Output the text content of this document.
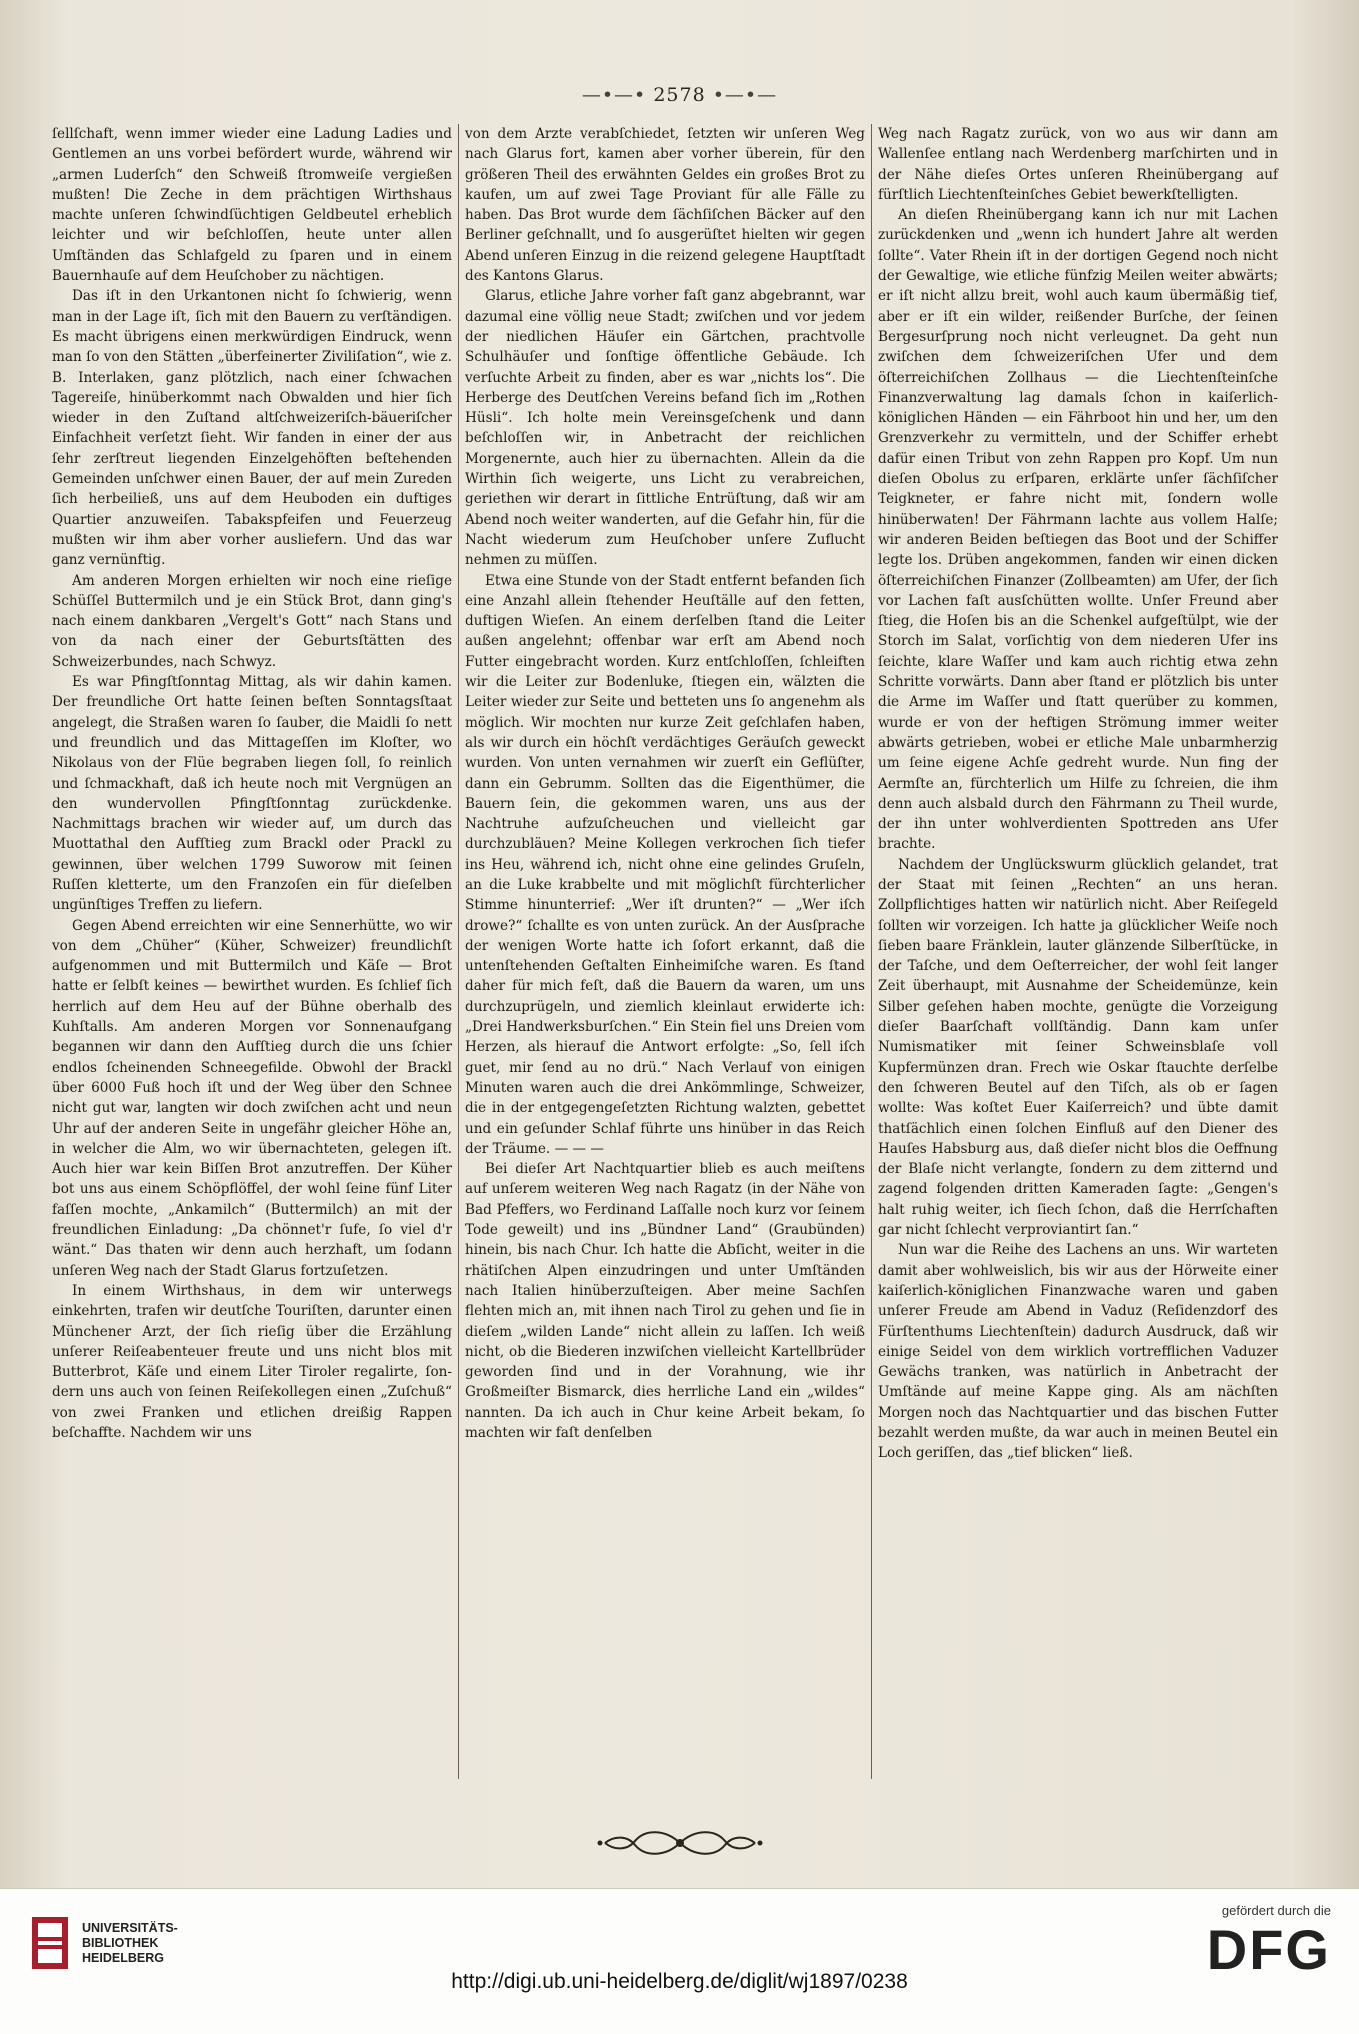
—•—• 2578 •—•—

ſellſchaft, wenn immer wieder eine Ladung Ladies und Gentlemen an uns vorbei befördert wurde, während wir „armen Luderſch“ den Schweiß ſtromweiſe vergießen mußten! Die Zeche in dem prächtigen Wirthshaus machte unſeren ſchwindſüchtigen Geldbeutel erheblich leichter und wir beſchloſſen, heute unter allen Umſtänden das Schlafgeld zu ſparen und in einem Bauernhauſe auf dem Heuſchober zu nächtigen.

Das iſt in den Urkantonen nicht ſo ſchwierig, wenn man in der Lage iſt, ſich mit den Bauern zu verſtändigen. Es macht übrigens einen merkwürdigen Eindruck, wenn man ſo von den Stätten „überfeinerter Ziviliſation“, wie z. B. Interlaken, ganz plötzlich, nach einer ſchwachen Tagereiſe, hinüberkommt nach Obwalden und hier ſich wieder in den Zuſtand altſchweizeriſch-bäueriſcher Einfachheit verſetzt ſieht. Wir fanden in einer der aus ſehr zerſtreut liegenden Einzelgehöften beſtehenden Gemeinden unſchwer einen Bauer, der auf mein Zureden ſich herbeiließ, uns auf dem Heuboden ein duftiges Quartier anzuweiſen. Tabakspfeifen und Feuerzeug mußten wir ihm aber vorher ausliefern. Und das war ganz vernünftig.

Am anderen Morgen erhielten wir noch eine rieſige Schüſſel Buttermilch und je ein Stück Brot, dann ging's nach einem dankbaren „Vergelt's Gott“ nach Stans und von da nach einer der Geburtsſtätten des Schweizerbundes, nach Schwyz.

Es war Pfingſtſonntag Mittag, als wir dahin kamen. Der freundliche Ort hatte ſeinen beſten Sonntagsſtaat angelegt, die Straßen waren ſo ſauber, die Maidli ſo nett und freundlich und das Mittageſſen im Kloſter, wo Nikolaus von der Flüe begraben liegen ſoll, ſo reinlich und ſchmackhaft, daß ich heute noch mit Vergnügen an den wundervollen Pfingſtſonntag zurückdenke. Nachmittags brachen wir wieder auf, um durch das Muottathal den Aufſtieg zum Brackl oder Prackl zu gewinnen, über welchen 1799 Suworow mit ſeinen Ruſſen kletterte, um den Franzoſen ein für dieſelben ungünſtiges Treffen zu liefern.

Gegen Abend erreichten wir eine Sennerhütte, wo wir von dem „Chüher“ (Küher, Schweizer) freundlichſt aufgenommen und mit Buttermilch und Käſe — Brot hatte er ſelbſt keines — bewirthet wurden. Es ſchlief ſich herrlich auf dem Heu auf der Bühne oberhalb des Kuhſtalls. Am anderen Morgen vor Sonnenaufgang begannen wir dann den Aufſtieg durch die uns ſchier endlos ſcheinenden Schneegefilde. Obwohl der Brackl über 6000 Fuß hoch iſt und der Weg über den Schnee nicht gut war, langten wir doch zwiſchen acht und neun Uhr auf der anderen Seite in ungefähr gleicher Höhe an, in welcher die Alm, wo wir übernachteten, gelegen iſt. Auch hier war kein Biſſen Brot anzutreffen. Der Küher bot uns aus einem Schöpflöffel, der wohl ſeine fünf Liter faſſen mochte, „Ankamilch“ (Buttermilch) an mit der freundlichen Einladung: „Da chönnet'r ſufe, ſo viel d'r wänt.“ Das thaten wir denn auch herzhaft, um ſodann unſeren Weg nach der Stadt Glarus fortzuſetzen.

In einem Wirthshaus, in dem wir unterwegs einkehrten, trafen wir deutſche Touriſten, darunter einen Münchener Arzt, der ſich rieſig über die Erzählung unſerer Reiſeabenteuer freute und uns nicht blos mit Butterbrot, Käſe und einem Liter Tiroler regalirte, ſondern uns auch von ſeinen Reiſekollegen einen „Zuſchuß“ von zwei Franken und etlichen dreißig Rappen beſchaffte. Nachdem wir uns

von dem Arzte verabſchiedet, ſetzten wir unſeren Weg nach Glarus fort, kamen aber vorher überein, für den größeren Theil des erwähnten Geldes ein großes Brot zu kaufen, um auf zwei Tage Proviant für alle Fälle zu haben. Das Brot wurde dem ſächſiſchen Bäcker auf den Berliner geſchnallt, und ſo ausgerüſtet hielten wir gegen Abend unſeren Einzug in die reizend gelegene Hauptſtadt des Kantons Glarus.

Glarus, etliche Jahre vorher faſt ganz abgebrannt, war dazumal eine völlig neue Stadt; zwiſchen und vor jedem der niedlichen Häuſer ein Gärtchen, prachtvolle Schulhäuſer und ſonſtige öffentliche Gebäude. Ich verſuchte Arbeit zu finden, aber es war „nichts los“. Die Herberge des Deutſchen Vereins befand ſich im „Rothen Hüsli“. Ich holte mein Vereinsgeſchenk und dann beſchloſſen wir, in Anbetracht der reichlichen Morgenernte, auch hier zu übernachten. Allein da die Wirthin ſich weigerte, uns Licht zu verabreichen, geriethen wir derart in ſittliche Entrüſtung, daß wir am Abend noch weiter wanderten, auf die Gefahr hin, für die Nacht wiederum zum Heuſchober unſere Zuflucht nehmen zu müſſen.

Etwa eine Stunde von der Stadt entfernt befanden ſich eine Anzahl allein ſtehender Heuſtälle auf den fetten, duftigen Wieſen. An einem derſelben ſtand die Leiter außen angelehnt; offenbar war erſt am Abend noch Futter eingebracht worden. Kurz entſchloſſen, ſchleiften wir die Leiter zur Bodenluke, ſtiegen ein, wälzten die Leiter wieder zur Seite und betteten uns ſo angenehm als möglich. Wir mochten nur kurze Zeit geſchlafen haben, als wir durch ein höchſt verdächtiges Geräuſch geweckt wurden. Von unten vernahmen wir zuerſt ein Geflüſter, dann ein Gebrumm. Sollten das die Eigenthümer, die Bauern ſein, die gekommen waren, uns aus der Nachtruhe aufzuſcheuchen und vielleicht gar durchzubläuen? Meine Kollegen verkrochen ſich tiefer ins Heu, während ich, nicht ohne eine gelindes Gruſeln, an die Luke krabbelte und mit möglichſt fürchterlicher Stimme hinunterrief: „Wer iſt drunten?“ — „Wer iſch drowe?“ ſchallte es von unten zurück. An der Ausſprache der wenigen Worte hatte ich ſofort erkannt, daß die untenſtehenden Geſtalten Einheimiſche waren. Es ſtand daher für mich feſt, daß die Bauern da waren, um uns durchzuprügeln, und ziemlich kleinlaut erwiderte ich: „Drei Handwerksburſchen.“ Ein Stein fiel uns Dreien vom Herzen, als hierauf die Antwort erfolgte: „So, ſell iſch guet, mir ſend au no drü.“ Nach Verlauf von einigen Minuten waren auch die drei Ankömmlinge, Schweizer, die in der entgegengeſetzten Richtung walzten, gebettet und ein geſunder Schlaf führte uns hinüber in das Reich der Träume. — — —

Bei dieſer Art Nachtquartier blieb es auch meiſtens auf unſerem weiteren Weg nach Ragatz (in der Nähe von Bad Pfeffers, wo Ferdinand Laſſalle noch kurz vor ſeinem Tode geweilt) und ins „Bündner Land“ (Graubünden) hinein, bis nach Chur. Ich hatte die Abſicht, weiter in die rhätiſchen Alpen einzudringen und unter Umſtänden nach Italien hinüberzuſteigen. Aber meine Sachſen flehten mich an, mit ihnen nach Tirol zu gehen und ſie in dieſem „wilden Lande“ nicht allein zu laſſen. Ich weiß nicht, ob die Biederen inzwiſchen vielleicht Kartellbrüder geworden ſind und in der Vorahnung, wie ihr Großmeiſter Bismarck, dies herrliche Land ein „wildes“ nannten. Da ich auch in Chur keine Arbeit bekam, ſo machten wir faſt denſelben

Weg nach Ragatz zurück, von wo aus wir dann am Wallenſee entlang nach Werdenberg marſchirten und in der Nähe dieſes Ortes unſeren Rheinübergang auf fürſtlich Liechtenſteinſches Gebiet bewerkſtelligten.

An dieſen Rheinübergang kann ich nur mit Lachen zurückdenken und „wenn ich hundert Jahre alt werden ſollte“. Vater Rhein iſt in der dortigen Gegend noch nicht der Gewaltige, wie etliche fünfzig Meilen weiter abwärts; er iſt nicht allzu breit, wohl auch kaum übermäßig tief, aber er iſt ein wilder, reißender Burſche, der ſeinen Bergesurſprung noch nicht verleugnet. Da geht nun zwiſchen dem ſchweizeriſchen Ufer und dem öſterreichiſchen Zollhaus — die Liechtenſteinſche Finanzverwaltung lag damals ſchon in kaiſerlich-königlichen Händen — ein Fährboot hin und her, um den Grenzverkehr zu vermitteln, und der Schiffer erhebt dafür einen Tribut von zehn Rappen pro Kopf. Um nun dieſen Obolus zu erſparen, erklärte unſer ſächſiſcher Teigkneter, er fahre nicht mit, ſondern wolle hinüberwaten! Der Fährmann lachte aus vollem Halſe; wir anderen Beiden beſtiegen das Boot und der Schiffer legte los. Drüben angekommen, fanden wir einen dicken öſterreichiſchen Finanzer (Zollbeamten) am Ufer, der ſich vor Lachen faſt ausſchütten wollte. Unſer Freund aber ſtieg, die Hoſen bis an die Schenkel aufgeſtülpt, wie der Storch im Salat, vorſichtig von dem niederen Ufer ins ſeichte, klare Waſſer und kam auch richtig etwa zehn Schritte vorwärts. Dann aber ſtand er plötzlich bis unter die Arme im Waſſer und ſtatt querüber zu kommen, wurde er von der heftigen Strömung immer weiter abwärts getrieben, wobei er etliche Male unbarmherzig um ſeine eigene Achſe gedreht wurde. Nun fing der Aermſte an, fürchterlich um Hilfe zu ſchreien, die ihm denn auch alsbald durch den Fährmann zu Theil wurde, der ihn unter wohlverdienten Spottreden ans Ufer brachte.

Nachdem der Unglückswurm glücklich gelandet, trat der Staat mit ſeinen „Rechten“ an uns heran. Zollpflichtiges hatten wir natürlich nicht. Aber Reiſegeld ſollten wir vorzeigen. Ich hatte ja glücklicher Weiſe noch ſieben baare Fränklein, lauter glänzende Silberſtücke, in der Taſche, und dem Oeſterreicher, der wohl ſeit langer Zeit überhaupt, mit Ausnahme der Scheidemünze, kein Silber geſehen haben mochte, genügte die Vorzeigung dieſer Baarſchaft vollſtändig. Dann kam unſer Numismatiker mit ſeiner Schweinsblaſe voll Kupfermünzen dran. Frech wie Oskar ſtauchte derſelbe den ſchweren Beutel auf den Tiſch, als ob er ſagen wollte: Was koſtet Euer Kaiſerreich? und übte damit thatſächlich einen ſolchen Einfluß auf den Diener des Hauſes Habsburg aus, daß dieſer nicht blos die Oeffnung der Blaſe nicht verlangte, ſondern zu dem zitternd und zagend folgenden dritten Kameraden ſagte: „Gengen's halt ruhig weiter, ich ſiech ſchon, daß die Herrſchaften gar nicht ſchlecht verproviantirt ſan.“

Nun war die Reihe des Lachens an uns. Wir warteten damit aber wohlweislich, bis wir aus der Hörweite einer kaiſerlich-königlichen Finanzwache waren und gaben unſerer Freude am Abend in Vaduz (Reſidenzdorf des Fürſtenthums Liechtenſtein) dadurch Ausdruck, daß wir einige Seidel von dem wirklich vortrefflichen Vaduzer Gewächs tranken, was natürlich in Anbetracht der Umſtände auf meine Kappe ging. Als am nächſten Morgen noch das Nachtquartier und das bischen Futter bezahlt werden mußte, da war auch in meinen Beutel ein Loch geriſſen, das „tief blicken“ ließ.

UNIVERSITÄTS-
BIBLIOTHEK
HEIDELBERG
http://digi.ub.uni-heidelberg.de/diglit/wj1897/0238
gefördert durch die
DFG
